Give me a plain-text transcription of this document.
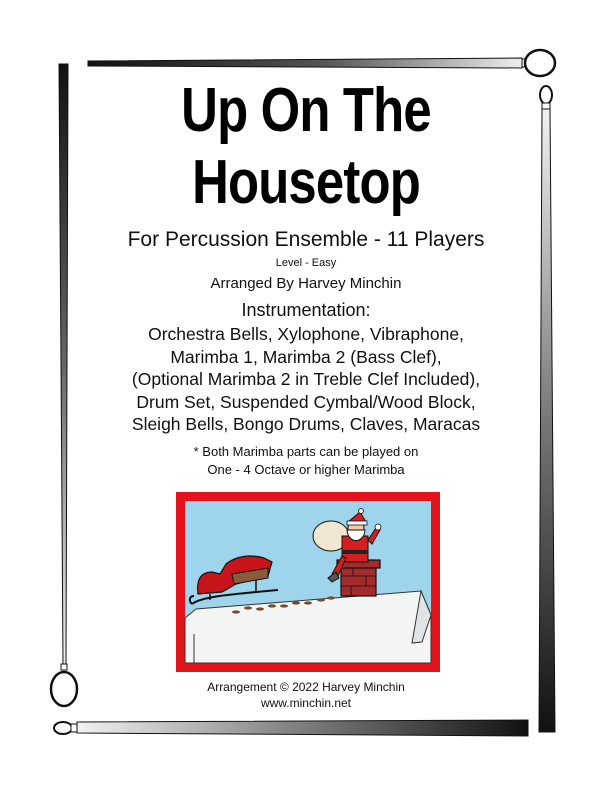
Up On The
Housetop
For Percussion Ensemble - 11 Players
Level - Easy
Arranged By Harvey Minchin
Instrumentation:
Orchestra Bells, Xylophone, Vibraphone,
Marimba 1, Marimba 2 (Bass Clef),
(Optional Marimba 2 in Treble Clef Included),
Drum Set, Suspended Cymbal/Wood Block,
Sleigh Bells, Bongo Drums, Claves, Maracas
* Both Marimba parts can be played on
One - 4 Octave or higher Marimba
Arrangement © 2022 Harvey Minchin
www.minchin.net
